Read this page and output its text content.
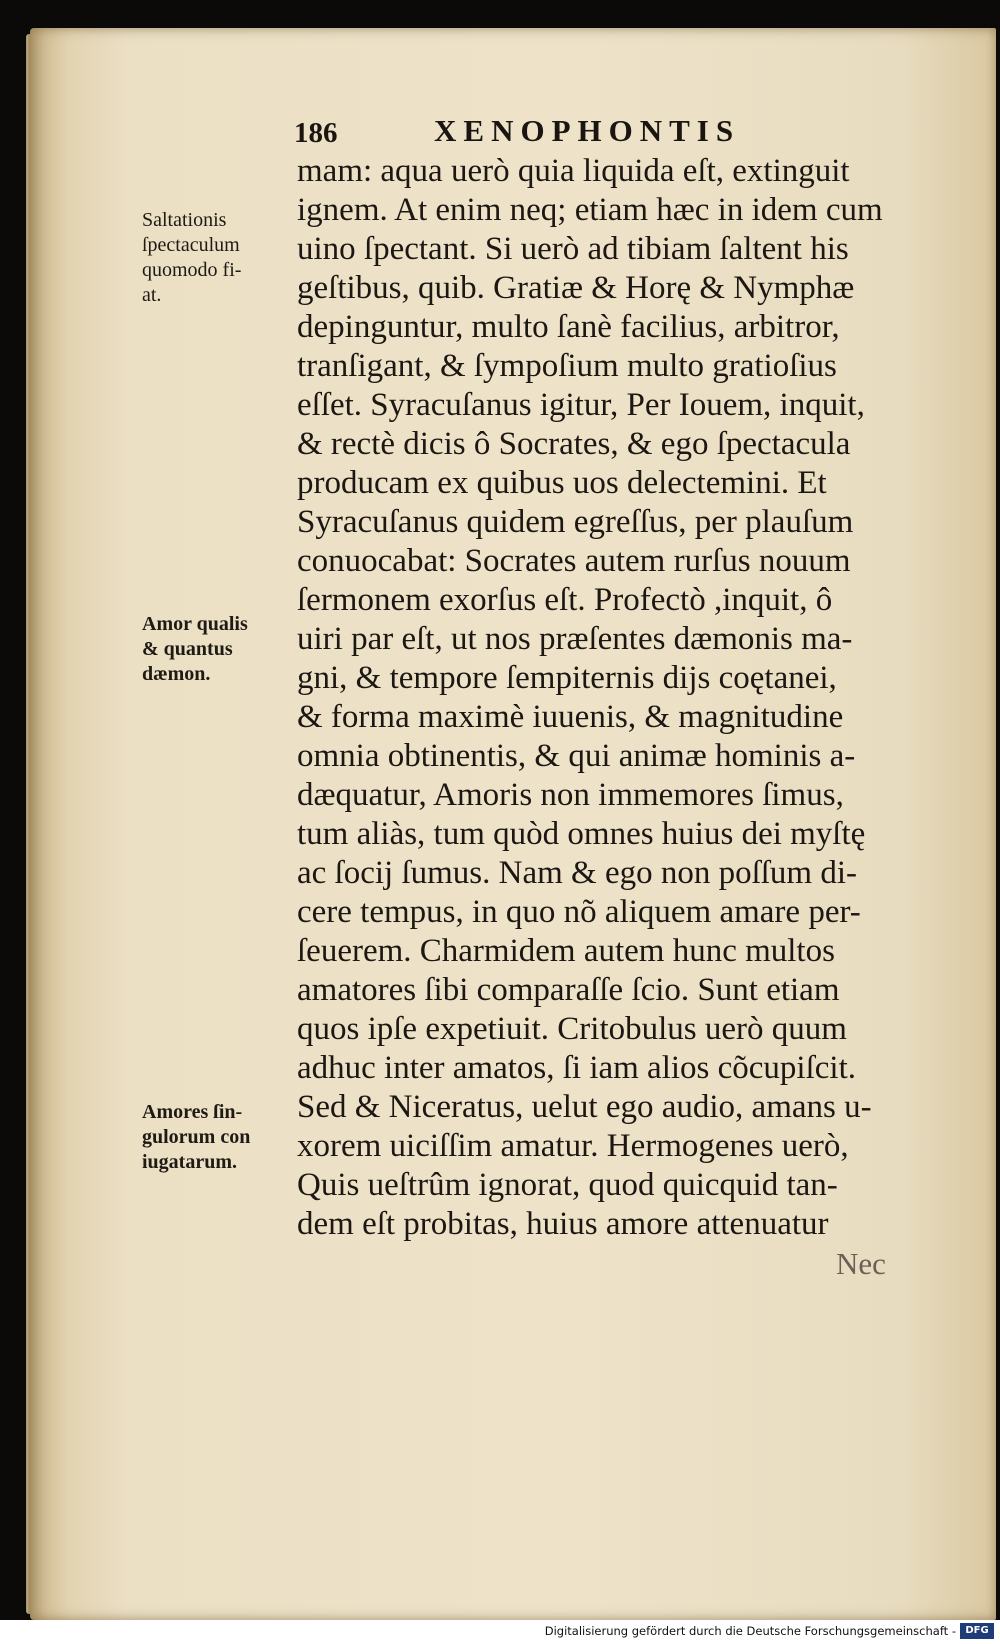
186	XENOPHONTIS
Saltationis
ſpectaculum
quomodo fi-
at.
Amor qualis
& quantus
dæmon.
Amores ſin-
gulorum con
iugatarum.
mam: aqua uerò quia liquida eſt, extinguit
ignem. At enim neq; etiam hæc in idem cum
uino ſpectant. Si uerò ad tibiam ſaltent his
geſtibus, quib. Gratiæ & Horę & Nymphæ
depinguntur, multo ſanè facilius, arbitror,
tranſigant, & ſympoſium multo gratioſius
eſſet. Syracuſanus igitur, Per Iouem, inquit,
& rectè dicis ô Socrates, & ego ſpectacula
producam ex quibus uos delectemini. Et
Syracuſanus quidem egreſſus, per plauſum
conuocabat: Socrates autem rurſus nouum
ſermonem exorſus eſt. Profectò ,inquit, ô
uiri par eſt, ut nos præſentes dæmonis ma-
gni, & tempore ſempiternis dijs coętanei,
& forma maximè iuuenis, & magnitudine
omnia obtinentis, & qui animæ hominis a-
dæquatur, Amoris non immemores ſimus,
tum aliàs, tum quòd omnes huius dei myſtę
ac ſocij ſumus. Nam & ego non poſſum di-
cere tempus, in quo nõ aliquem amare per-
ſeuerem. Charmidem autem hunc multos
amatores ſibi comparaſſe ſcio. Sunt etiam
quos ipſe expetiuit. Critobulus uerò quum
adhuc inter amatos, ſi iam alios cõcupiſcit.
Sed & Niceratus, uelut ego audio, amans u-
xorem uiciſſim amatur. Hermogenes uerò,
Quis ueſtrûm ignorat, quod quicquid tan-
dem eſt probitas, huius amore attenuatur
Nec
Digitalisierung gefördert durch die Deutsche Forschungsgemeinschaft - DFG
